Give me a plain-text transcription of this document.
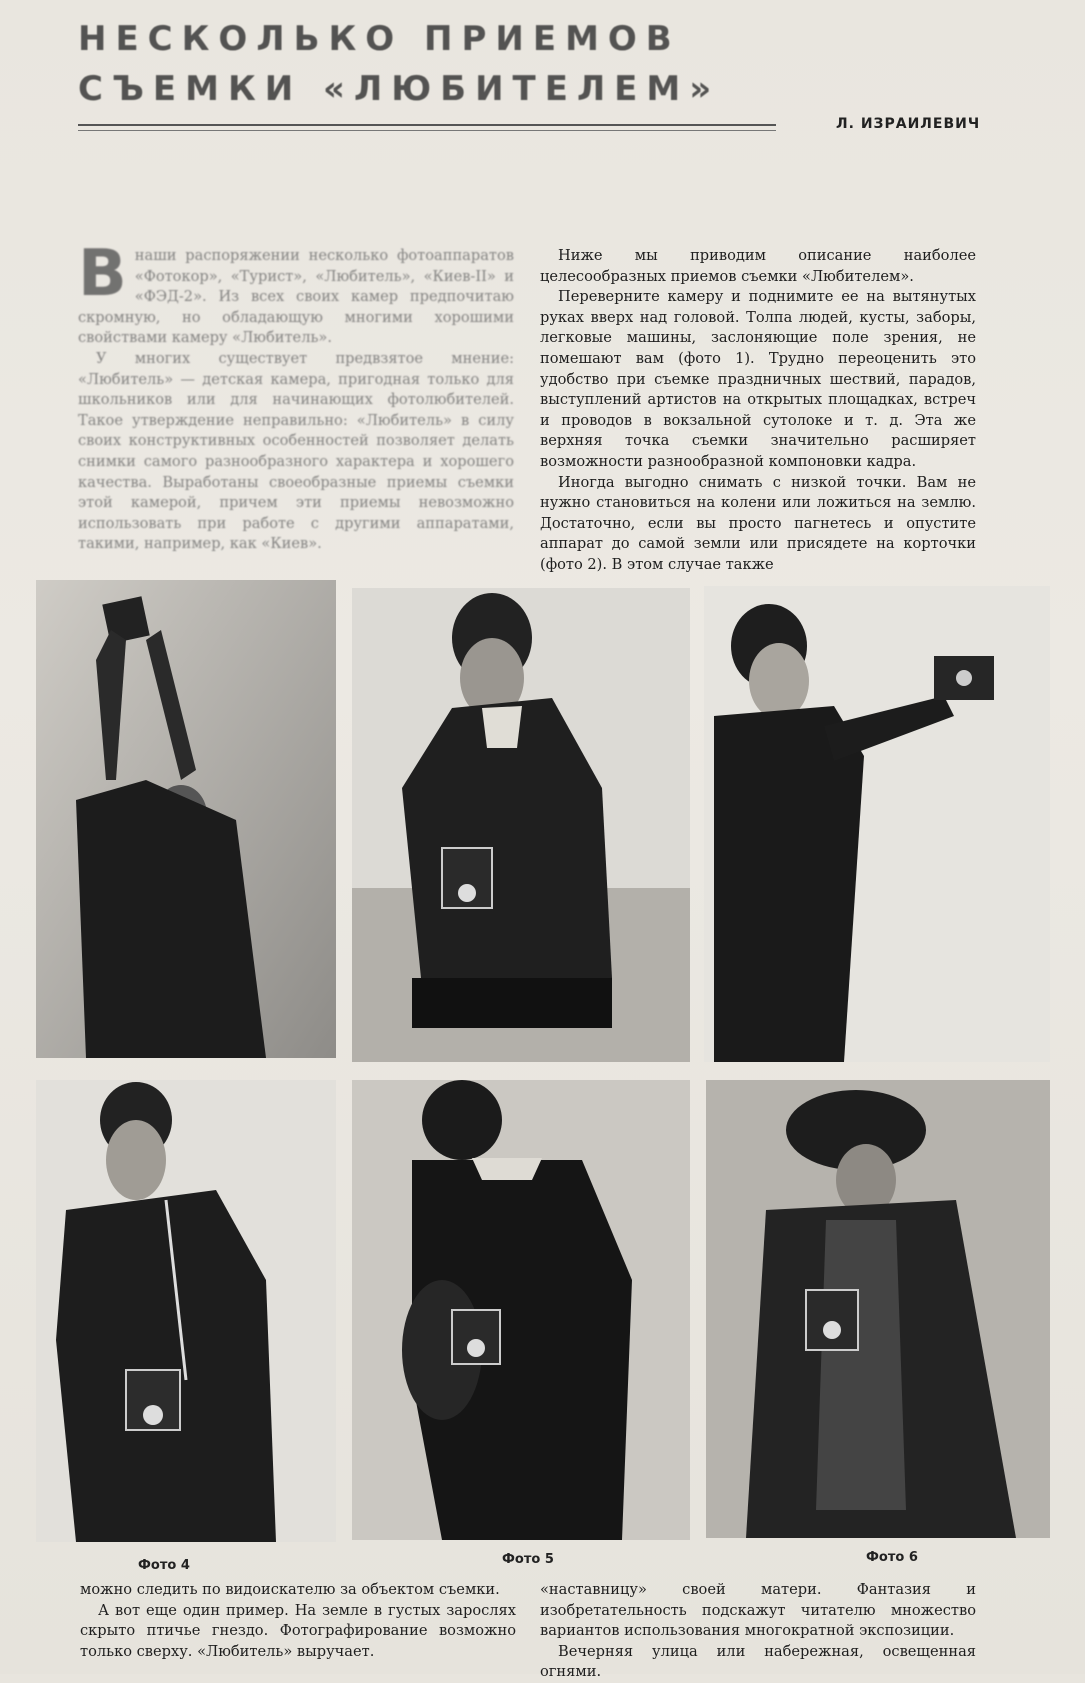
НЕСКОЛЬКО ПРИЕМОВ
СЪЕМКИ «ЛЮБИТЕЛЕМ»
Л. ИЗРАИЛЕВИЧ

Внаши распоряжении несколько фотоаппаратов «Фотокор», «Турист», «Любитель», «Киев-II» и «ФЭД-2». Из всех своих камер предпочитаю скромную, но обладающую многими хорошими свойствами камеру «Любитель».

У многих существует предвзятое мнение: «Любитель» — детская камера, пригодная только для школьников или для начинающих фотолюбителей. Такое утверждение неправильно: «Любитель» в силу своих конструктивных особенностей позволяет делать снимки самого разнообразного характера и хорошего качества. Выработаны своеобразные приемы съемки этой камерой, причем эти приемы невозможно использовать при работе с другими аппаратами, такими, например, как «Киев».

Ниже мы приводим описание наиболее целесообразных приемов съемки «Любителем».

Переверните камеру и поднимите ее на вытянутых руках вверх над головой. Толпа людей, кусты, заборы, легковые машины, заслоняющие поле зрения, не помешают вам (фото 1). Трудно переоценить это удобство при съемке праздничных шествий, парадов, выступлений артистов на открытых площадках, встреч и проводов в вокзальной сутолоке и т. д. Эта же верхняя точка съемки значительно расширяет возможности разнообразной компоновки кадра.

Иногда выгодно снимать с низкой точки. Вам не нужно становиться на колени или ложиться на землю. Достаточно, если вы просто пагнетесь и опустите аппарат до самой земли или присядете на корточки (фото 2). В этом случае также

Фото 4	Фото 5	Фото 6

можно следить по видоискателю за объектом съемки.

А вот еще один пример. На земле в густых зарослях скрыто птичье гнездо. Фотографирование возможно только сверху. «Любитель» выручает.

«наставницу» своей матери. Фантазия и изобретательность подскажут читателю множество вариантов использования многократной экспозиции.

Вечерняя улица или набережная, освещенная огнями.
